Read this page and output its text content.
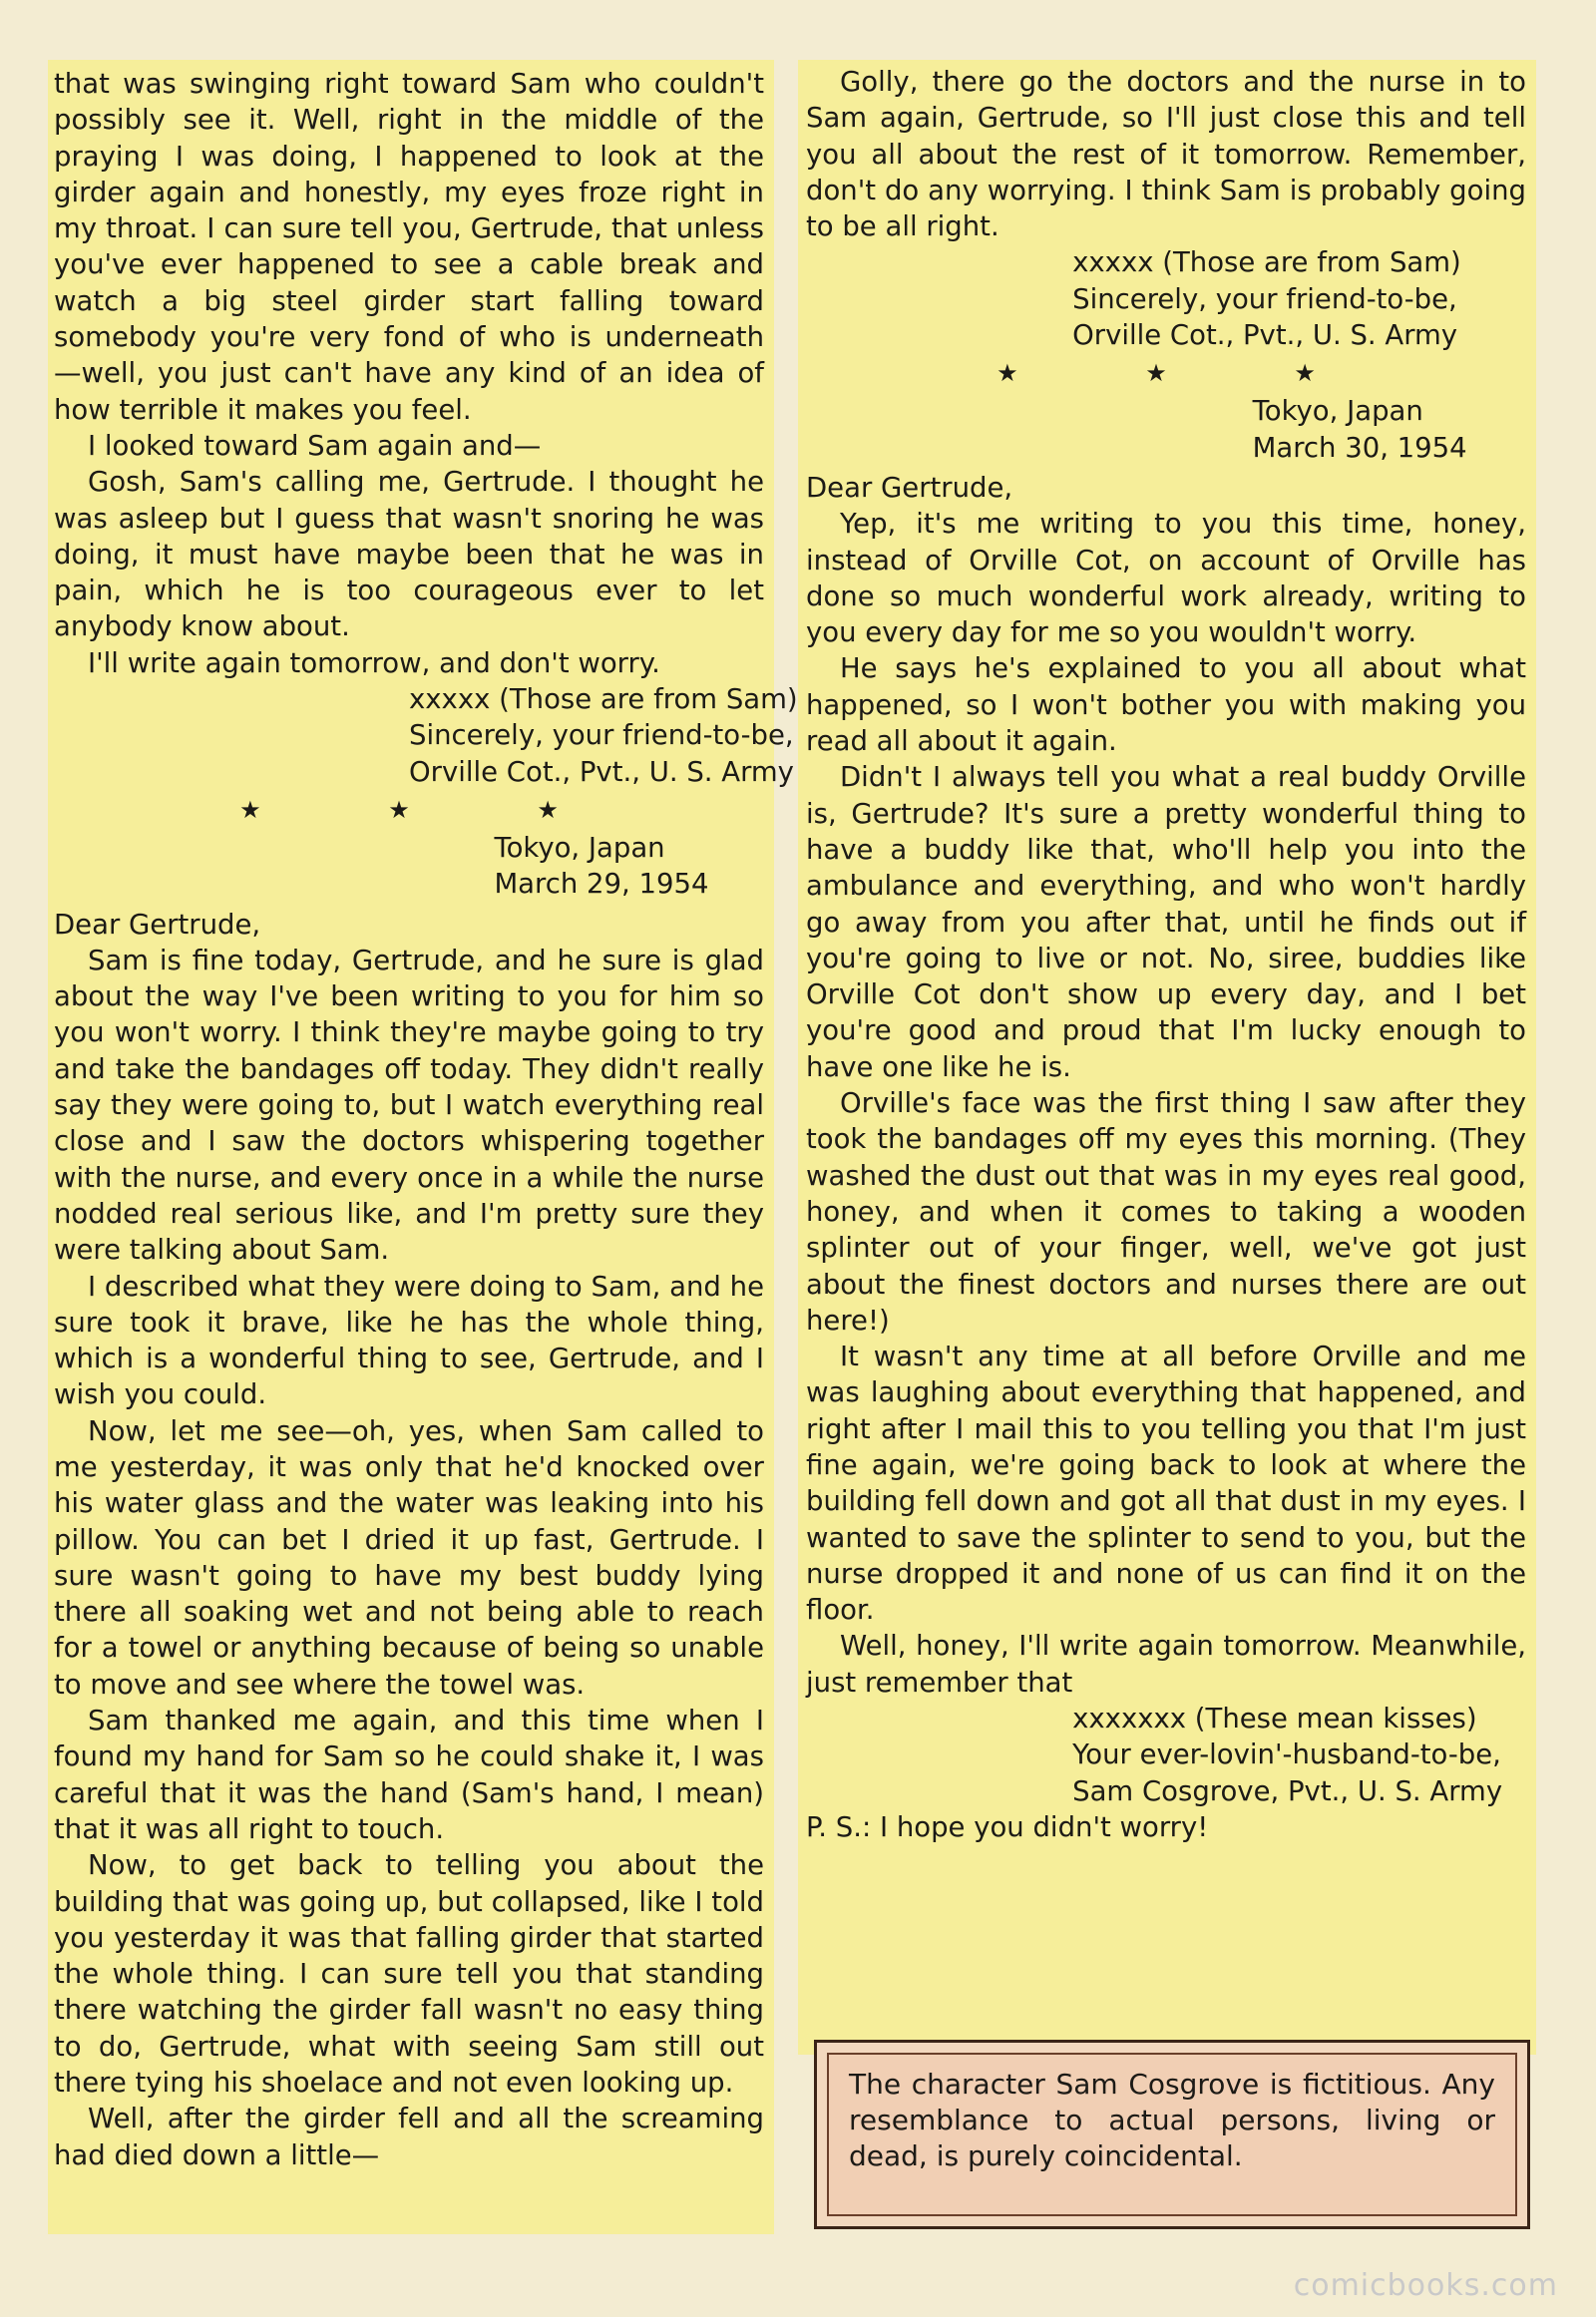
that was swinging right toward Sam who couldn't possibly see it. Well, right in the middle of the praying I was doing, I happened to look at the girder again and honestly, my eyes froze right in my throat. I can sure tell you, Gertrude, that unless you've ever happened to see a cable break and watch a big steel girder start falling toward somebody you're very fond of who is underneath —well, you just can't have any kind of an idea of how terrible it makes you feel.

I looked toward Sam again and—

Gosh, Sam's calling me, Gertrude. I thought he was asleep but I guess that wasn't snoring he was doing, it must have maybe been that he was in pain, which he is too courageous ever to let anybody know about.

I'll write again tomorrow, and don't worry.

xxxxx (Those are from Sam)
Sincerely, your friend-to-be,
Orville Cot., Pvt., U. S. Army
★ ★ ★
Tokyo, Japan
March 29, 1954

Dear Gertrude,

Sam is fine today, Gertrude, and he sure is glad about the way I've been writing to you for him so you won't worry. I think they're maybe going to try and take the bandages off today. They didn't really say they were going to, but I watch everything real close and I saw the doctors whispering together with the nurse, and every once in a while the nurse nodded real serious like, and I'm pretty sure they were talking about Sam.

I described what they were doing to Sam, and he sure took it brave, like he has the whole thing, which is a wonderful thing to see, Gertrude, and I wish you could.

Now, let me see—oh, yes, when Sam called to me yesterday, it was only that he'd knocked over his water glass and the water was leaking into his pillow. You can bet I dried it up fast, Gertrude. I sure wasn't going to have my best buddy lying there all soaking wet and not being able to reach for a towel or anything because of being so unable to move and see where the towel was.

Sam thanked me again, and this time when I found my hand for Sam so he could shake it, I was careful that it was the hand (Sam's hand, I mean) that it was all right to touch.

Now, to get back to telling you about the building that was going up, but collapsed, like I told you yesterday it was that falling girder that started the whole thing. I can sure tell you that standing there watching the girder fall wasn't no easy thing to do, Gertrude, what with seeing Sam still out there tying his shoelace and not even looking up.

Well, after the girder fell and all the screaming had died down a little—

Golly, there go the doctors and the nurse in to Sam again, Gertrude, so I'll just close this and tell you all about the rest of it tomorrow. Remember, don't do any worrying. I think Sam is probably going to be all right.

xxxxx (Those are from Sam)
Sincerely, your friend-to-be,
Orville Cot., Pvt., U. S. Army
★ ★ ★
Tokyo, Japan
March 30, 1954

Dear Gertrude,

Yep, it's me writing to you this time, honey, instead of Orville Cot, on account of Orville has done so much wonderful work already, writing to you every day for me so you wouldn't worry.

He says he's explained to you all about what happened, so I won't bother you with making you read all about it again.

Didn't I always tell you what a real buddy Orville is, Gertrude? It's sure a pretty wonderful thing to have a buddy like that, who'll help you into the ambulance and everything, and who won't hardly go away from you after that, until he finds out if you're going to live or not. No, siree, buddies like Orville Cot don't show up every day, and I bet you're good and proud that I'm lucky enough to have one like he is.

Orville's face was the first thing I saw after they took the bandages off my eyes this morning. (They washed the dust out that was in my eyes real good, honey, and when it comes to taking a wooden splinter out of your finger, well, we've got just about the finest doctors and nurses there are out here!)

It wasn't any time at all before Orville and me was laughing about everything that happened, and right after I mail this to you telling you that I'm just fine again, we're going back to look at where the building fell down and got all that dust in my eyes. I wanted to save the splinter to send to you, but the nurse dropped it and none of us can find it on the floor.

Well, honey, I'll write again tomorrow. Meanwhile, just remember that

xxxxxxx (These mean kisses)
Your ever-lovin'-husband-to-be,
Sam Cosgrove, Pvt., U. S. Army

P. S.: I hope you didn't worry!

The character Sam Cosgrove is fictitious. Any resemblance to actual persons, living or dead, is purely coincidental.
comicbooks.com
